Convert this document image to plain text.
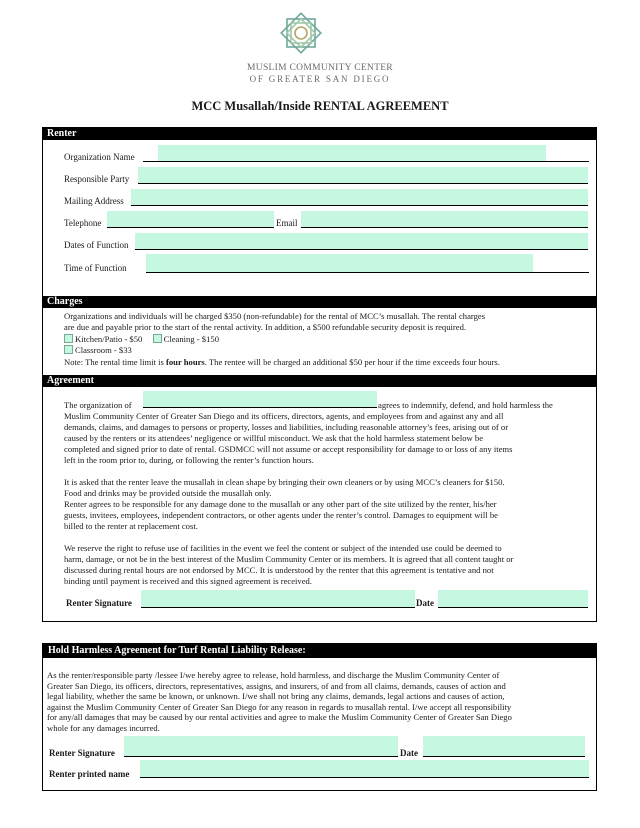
MUSLIM COMMUNITY CENTER
OF GREATER SAN DIEGO
MCC Musallah/Inside RENTAL AGREEMENT
Renter
Organization Name
Responsible Party
Mailing Address
Telephone	Email
Dates of Function
Time of Function
Charges

Organizations and individuals will be charged $350 (non-refundable) for the rental of MCC’s musallah. The rental charges

are due and payable prior to the start of the rental activity. In addition, a $500 refundable security deposit is required.

Kitchen/Patio - $50 Cleaning - $150

Classroom - $33

Note: The rental time limit is four hours. The rentee will be charged an additional $50 per hour if the time exceeds four hours.

Agreement
The organization of	agrees to indemnify, defend, and hold harmless the

Muslim Community Center of Greater San Diego and its officers, directors, agents, and employees from and against any and all

demands, claims, and damages to persons or property, losses and liabilities, including reasonable attorney’s fees, arising out of or

caused by the renters or its attendees’ negligence or willful misconduct. We ask that the hold harmless statement below be

completed and signed prior to date of rental. GSDMCC will not assume or accept responsibility for damage to or loss of any items

left in the room prior to, during, or following the renter’s function hours.

It is asked that the renter leave the musallah in clean shape by bringing their own cleaners or by using MCC’s cleaners for $150.

Food and drinks may be provided outside the musallah only.

Renter agrees to be responsible for any damage done to the musallah or any other part of the site utilized by the renter, his/her

guests, invitees, employees, independent contractors, or other agents under the renter’s control. Damages to equipment will be

billed to the renter at replacement cost.

We reserve the right to refuse use of facilities in the event we feel the content or subject of the intended use could be deemed to

harm, damage, or not be in the best interest of the Muslim Community Center or its members. It is agreed that all content taught or

discussed during rental hours are not endorsed by MCC. It is understood by the renter that this agreement is tentative and not

binding until payment is received and this signed agreement is received.

Renter Signature	Date
Hold Harmless Agreement for Turf Rental Liability Release:

As the renter/responsible party /lessee I/we hereby agree to release, hold harmless, and discharge the Muslim Community Center of

Greater San Diego, its officers, directors, representatives, assigns, and insurers, of and from all claims, demands, causes of action and

legal liability, whether the same be known, or unknown. I/we shall not bring any claims, demands, legal actions and causes of action,

against the Muslim Community Center of Greater San Diego for any reason in regards to musallah rental. I/we accept all responsibility

for any/all damages that may be caused by our rental activities and agree to make the Muslim Community Center of Greater San Diego

whole for any damages incurred.

Renter Signature	Date
Renter printed name
